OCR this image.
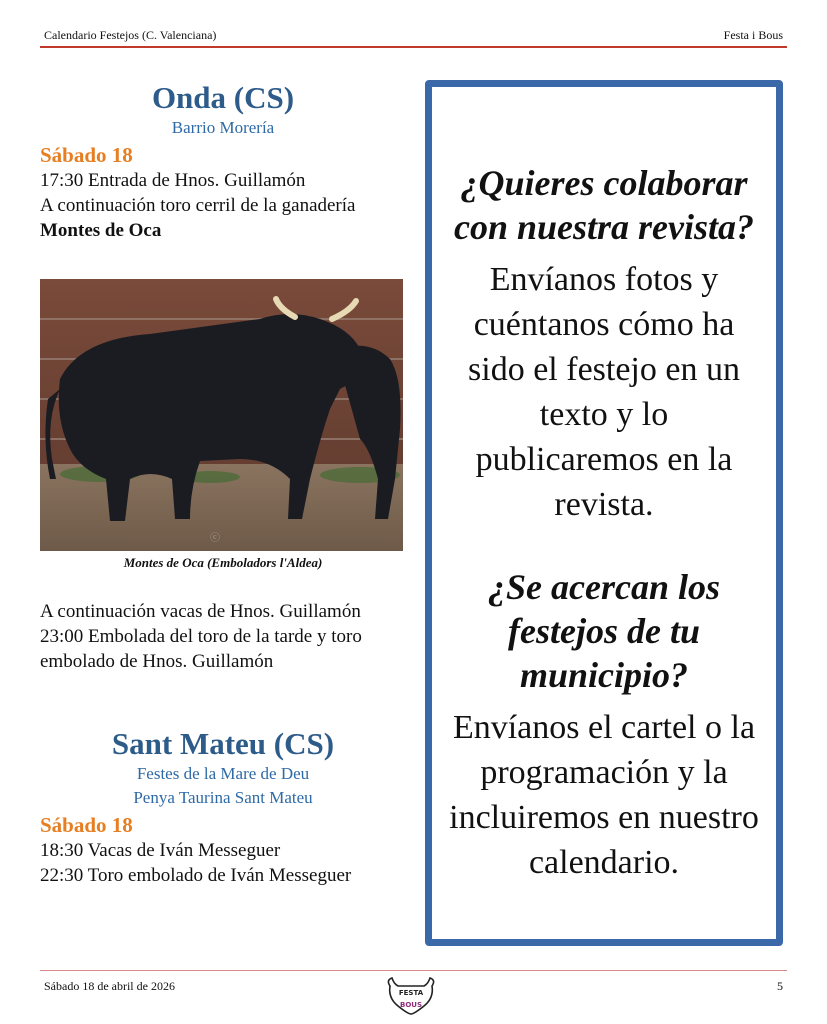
Calendario Festejos (C. Valenciana)	Festa i Bous
Onda (CS)
Barrio Morería
Sábado 18
17:30 Entrada de Hnos. Guillamón
A continuación toro cerril de la ganadería Montes de Oca
ⓒ
Montes de Oca (Emboladors l'Aldea)
A continuación vacas de Hnos. Guillamón
23:00 Embolada del toro de la tarde y toro embolado de Hnos. Guillamón
Sant Mateu (CS)
Festes de la Mare de Deu
Penya Taurina Sant Mateu
Sábado 18
18:30 Vacas de Iván Messeguer
22:30 Toro embolado de Iván Messeguer
¿Quieres colaborar con nuestra revista?
Envíanos fotos y cuéntanos cómo ha sido el festejo en un texto y lo publicaremos en la revista.
¿Se acercan los festejos de tu municipio?
Envíanos el cartel o la programación y la incluiremos en nuestro calendario.
Sábado 18 de abril de 2026	FESTA
BOUS
5
